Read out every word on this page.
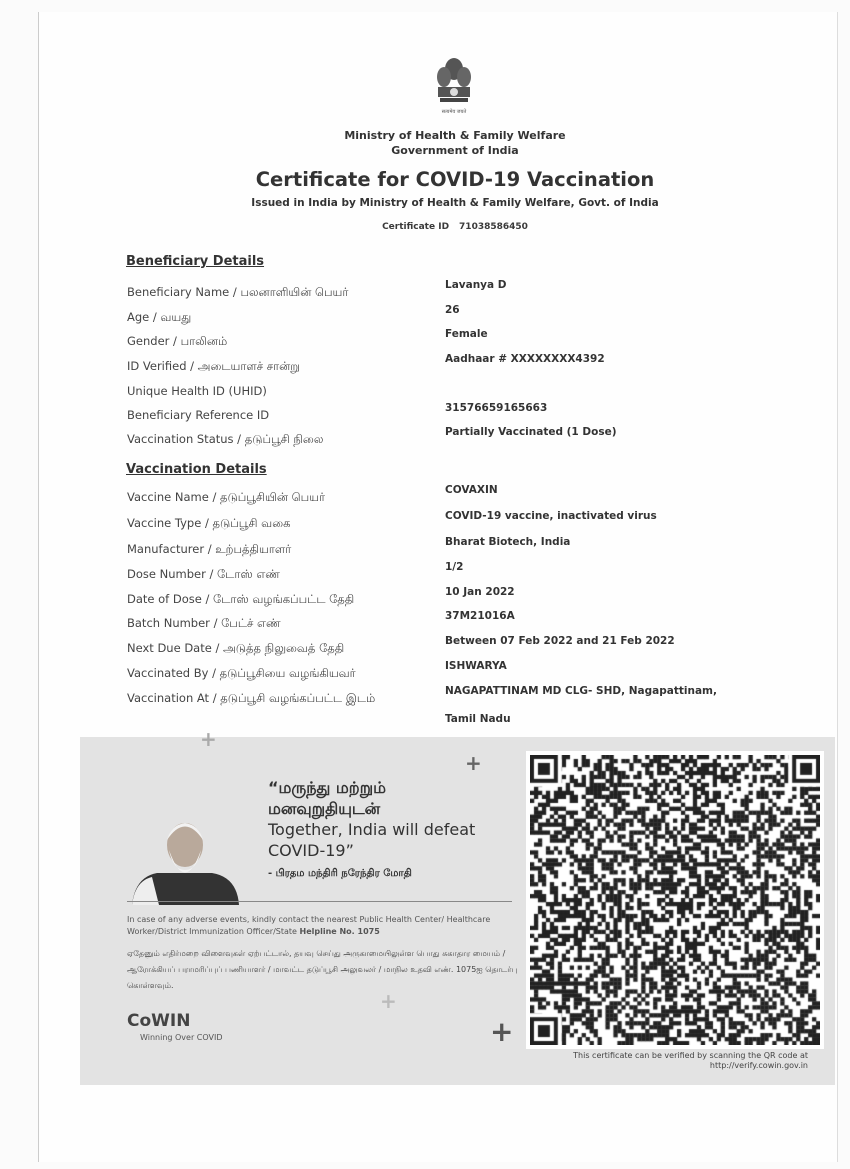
सत्यमेव जयते
Ministry of Health & Family Welfare
Government of India
Certificate for COVID-19 Vaccination
Issued in India by Ministry of Health & Family Welfare, Govt. of India
Certificate ID 71038586450
Beneficiary Details
Beneficiary Name / பலனாளியின் பெயர்	Lavanya D
Age / வயது	26
Gender / பாலினம்	Female
ID Verified / அடையாளச் சான்று	Aadhaar # XXXXXXXX4392
Unique Health ID (UHID)
Beneficiary Reference ID	31576659165663
Vaccination Status / தடுப்பூசி நிலை	Partially Vaccinated (1 Dose)
Vaccination Details
Vaccine Name / தடுப்பூசியின் பெயர்	COVAXIN
Vaccine Type / தடுப்பூசி வகை	COVID-19 vaccine, inactivated virus
Manufacturer / உற்பத்தியாளர்	Bharat Biotech, India
Dose Number / டோஸ் எண்	1/2
Date of Dose / டோஸ் வழங்கப்பட்ட தேதி	10 Jan 2022
Batch Number / பேட்ச் எண்	37M21016A
Next Due Date / அடுத்த நிலுவைத் தேதி	Between 07 Feb 2022 and 21 Feb 2022
Vaccinated By / தடுப்பூசியை வழங்கியவர்	ISHWARYA
Vaccination At / தடுப்பூசி வழங்கப்பட்ட இடம்	NAGAPATTINAM MD CLG- SHD, Nagapattinam,
Tamil Nadu
+
+
+
+
“மருந்து மற்றும்
மனவுறுதியுடன்
Together, India will defeat
COVID-19”
- பிரதம மந்திரி நரேந்திர மோதி
In case of any adverse events, kindly contact the nearest Public Health Center/ Healthcare Worker/District Immunization Officer/State Helpline No. 1075
ஏதேனும் எதிர்மறை விளைவுகள் ஏற்பட்டால், தயவு செய்து அருகாமையிலுள்ள பொது சுகாதார மையம் / ஆரோக்கியப் பராமரிப்புப் பணியாளர் / மாவட்ட தடுப்பூசி அலுவலர் / மாநில உதவி எண். 1075ஐ தொடர்பு கொள்ளவும்.
CoWIN
Winning Over COVID
This certificate can be verified by scanning the QR code at
http://verify.cowin.gov.in
